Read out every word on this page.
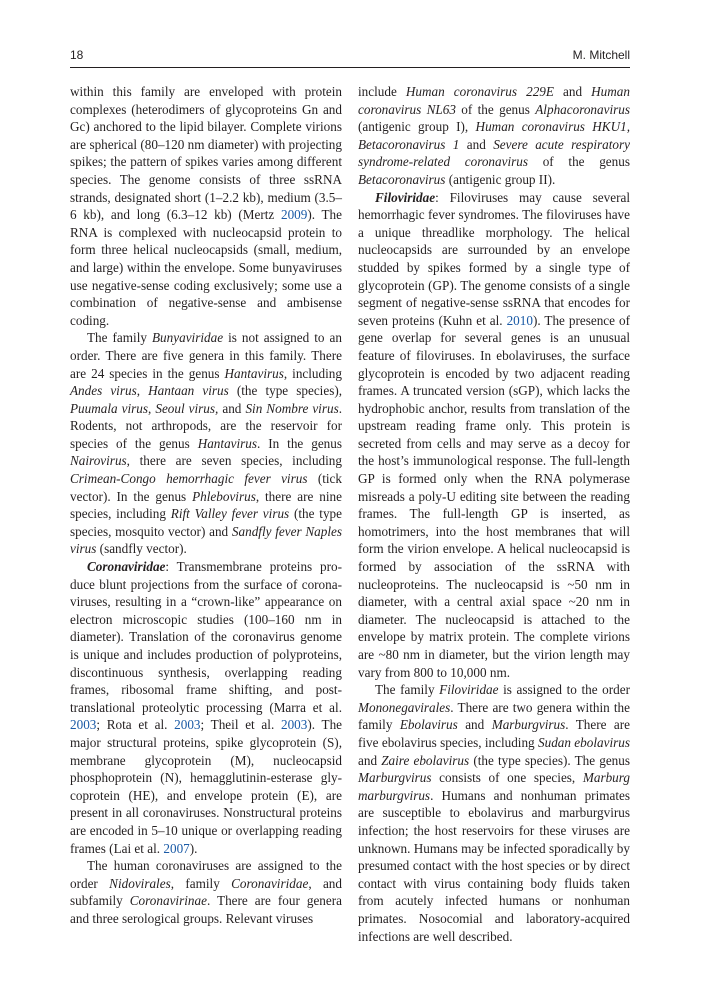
18	M. Mitchell

within this family are enveloped with protein complexes (heterodimers of glycoproteins Gn and Gc) anchored to the lipid bilayer. Complete virions are spherical (80–120 nm diameter) with projecting spikes; the pattern of spikes varies among different species. The genome consists of three ssRNA strands, designated short (1–2.2 kb), medium (3.5–6 kb), and long (6.3–12 kb) (Mertz 2009). The RNA is complexed with nucleocapsid protein to form three helical nucleocapsids (small, medium, and large) within the envelope. Some bunyaviruses use negative-sense coding exclusively; some use a combination of negative-sense and ambisense coding.

The family Bunyaviridae is not assigned to an order. There are five genera in this family. There are 24 species in the genus Hantavirus, including Andes virus, Hantaan virus (the type species), Puumala virus, Seoul virus, and Sin Nombre virus. Rodents, not arthropods, are the reservoir for species of the genus Hantavirus. In the genus Nairovirus, there are seven species, including Crimean-Congo hemorrhagic fever virus (tick vector). In the genus Phlebovirus, there are nine species, including Rift Valley fever virus (the type species, mosquito vector) and Sandfly fever Naples virus (sandfly vector).

Coronaviridae: Transmembrane proteins produce blunt projections from the surface of coronaviruses, resulting in a “crown-like” appearance on electron microscopic studies (100–160 nm in diameter). Translation of the coronavirus genome is unique and includes production of polyproteins, discontinuous synthesis, overlapping reading frames, ribosomal frame shifting, and post-translational proteolytic processing (Marra et al. 2003; Rota et al. 2003; Theil et al. 2003). The major structural proteins, spike glycoprotein (S), membrane glycoprotein (M), nucleocapsid phosphoprotein (N), hemagglutinin-esterase glycoprotein (HE), and envelope protein (E), are present in all coronaviruses. Nonstructural proteins are encoded in 5–10 unique or overlapping reading frames (Lai et al. 2007).

The human coronaviruses are assigned to the order Nidovirales, family Coronaviridae, and subfamily Coronavirinae. There are four genera and three serological groups. Relevant viruses

include Human coronavirus 229E and Human coronavirus NL63 of the genus Alphacoronavirus (antigenic group I), Human coronavirus HKU1, Betacoronavirus 1 and Severe acute respiratory syndrome-related coronavirus of the genus Betacoronavirus (antigenic group II).

Filoviridae: Filoviruses may cause several hemorrhagic fever syndromes. The filoviruses have a unique threadlike morphology. The helical nucleocapsids are surrounded by an envelope studded by spikes formed by a single type of glycoprotein (GP). The genome consists of a single segment of negative-sense ssRNA that encodes for seven proteins (Kuhn et al. 2010). The presence of gene overlap for several genes is an unusual feature of filoviruses. In ebolaviruses, the surface glycoprotein is encoded by two adjacent reading frames. A truncated version (sGP), which lacks the hydrophobic anchor, results from translation of the upstream reading frame only. This protein is secreted from cells and may serve as a decoy for the host’s immunological response. The full-length GP is formed only when the RNA polymerase misreads a poly-U editing site between the reading frames. The full-length GP is inserted, as homotrimers, into the host membranes that will form the virion envelope. A helical nucleocapsid is formed by association of the ssRNA with nucleoproteins. The nucleocapsid is ~50 nm in diameter, with a central axial space ~20 nm in diameter. The nucleocapsid is attached to the envelope by matrix protein. The complete virions are ~80 nm in diameter, but the virion length may vary from 800 to 10,000 nm.

The family Filoviridae is assigned to the order Mononegavirales. There are two genera within the family Ebolavirus and Marburgvirus. There are five ebolavirus species, including Sudan ebolavirus and Zaire ebolavirus (the type species). The genus Marburgvirus consists of one species, Marburg marburgvirus. Humans and nonhuman primates are susceptible to ebolavirus and marburgvirus infection; the host reservoirs for these viruses are unknown. Humans may be infected sporadically by presumed contact with the host species or by direct contact with virus containing body fluids taken from acutely infected humans or nonhuman primates. Nosocomial and laboratory-acquired infections are well described.
